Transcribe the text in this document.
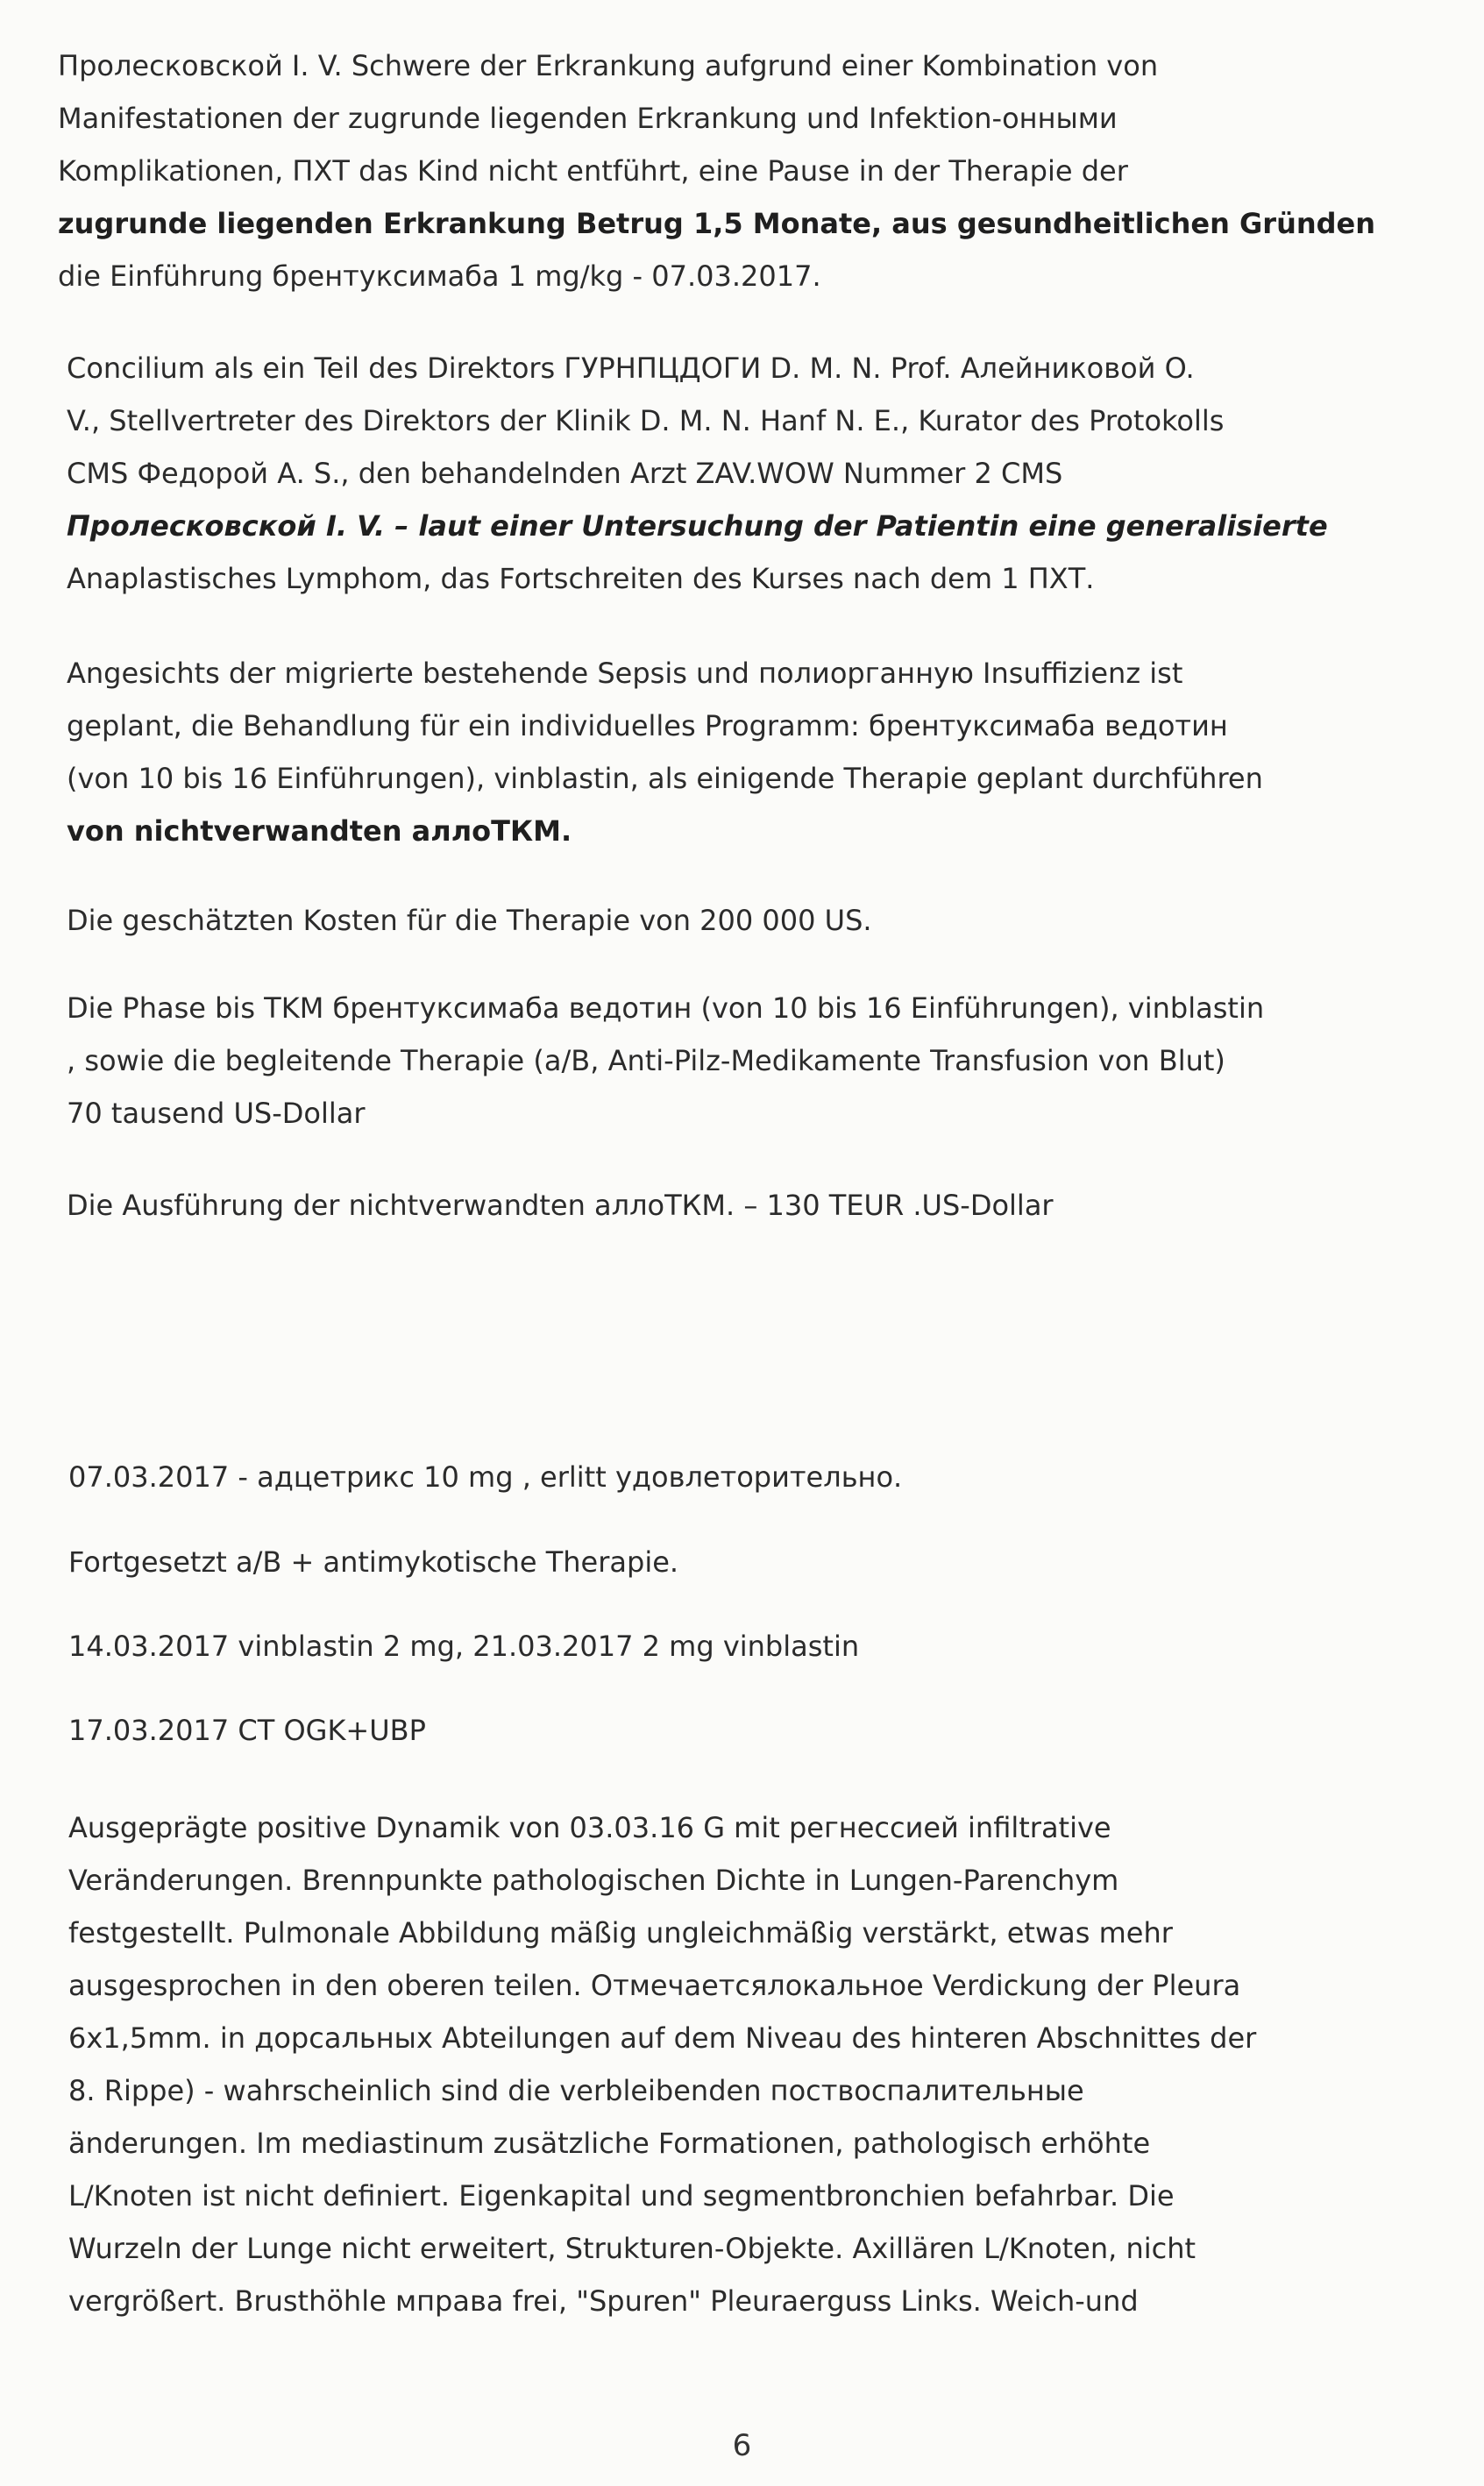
Пролесковской I. V. Schwere der Erkrankung aufgrund einer Kombination von
Manifestationen der zugrunde liegenden Erkrankung und Infektion-онными
Komplikationen, ПХТ das Kind nicht entführt, eine Pause in der Therapie der
zugrunde liegenden Erkrankung Betrug 1,5 Monate, aus gesundheitlichen Gründen
die Einführung брентуксимаба 1 mg/kg - 07.03.2017.

Concilium als ein Teil des Direktors ГУРНПЦДОГИ D. M. N. Prof. Алейниковой O.
V., Stellvertreter des Direktors der Klinik D. M. N. Hanf N. E., Kurator des Protokolls
CMS Федорой A. S., den behandelnden Arzt ZAV.WOW Nummer 2 CMS
Пролесковской I. V. – laut einer Untersuchung der Patientin eine generalisierte
Anaplastisches Lymphom, das Fortschreiten des Kurses nach dem 1 ПХТ.

Angesichts der migrierte bestehende Sepsis und полиорганную Insuffizienz ist
geplant, die Behandlung für ein individuelles Programm: брентуксимаба ведотин
(von 10 bis 16 Einführungen), vinblastin, als einigende Therapie geplant durchführen
von nichtverwandten аллоТКМ.

Die geschätzten Kosten für die Therapie von 200 000 US.

Die Phase bis TKM брентуксимаба ведотин (von 10 bis 16 Einführungen), vinblastin
, sowie die begleitende Therapie (a/B, Anti-Pilz-Medikamente Transfusion von Blut)
70 tausend US-Dollar

Die Ausführung der nichtverwandten аллоТКМ. – 130 TEUR .US-Dollar

07.03.2017 - адцетрикс 10 mg , erlitt удовлеторительно.

Fortgesetzt a/B + antimykotische Therapie.

14.03.2017 vinblastin 2 mg, 21.03.2017 2 mg vinblastin

17.03.2017 CT OGK+UBP

Ausgeprägte positive Dynamik von 03.03.16 G mit регнессией infiltrative
Veränderungen. Brennpunkte pathologischen Dichte in Lungen-Parenchym
festgestellt. Pulmonale Abbildung mäßig ungleichmäßig verstärkt, etwas mehr
ausgesprochen in den oberen teilen. Отмечаетсялокальное Verdickung der Pleura
6x1,5mm. in дорсальных Abteilungen auf dem Niveau des hinteren Abschnittes der
8. Rippe) - wahrscheinlich sind die verbleibenden поствоспалительные
änderungen. Im mediastinum zusätzliche Formationen, pathologisch erhöhte
L/Knoten ist nicht definiert. Eigenkapital und segmentbronchien befahrbar. Die
Wurzeln der Lunge nicht erweitert, Strukturen-Objekte. Axillären L/Knoten, nicht
vergrößert. Brusthöhle мправа frei, "Spuren" Pleuraerguss Links. Weich-und

6
